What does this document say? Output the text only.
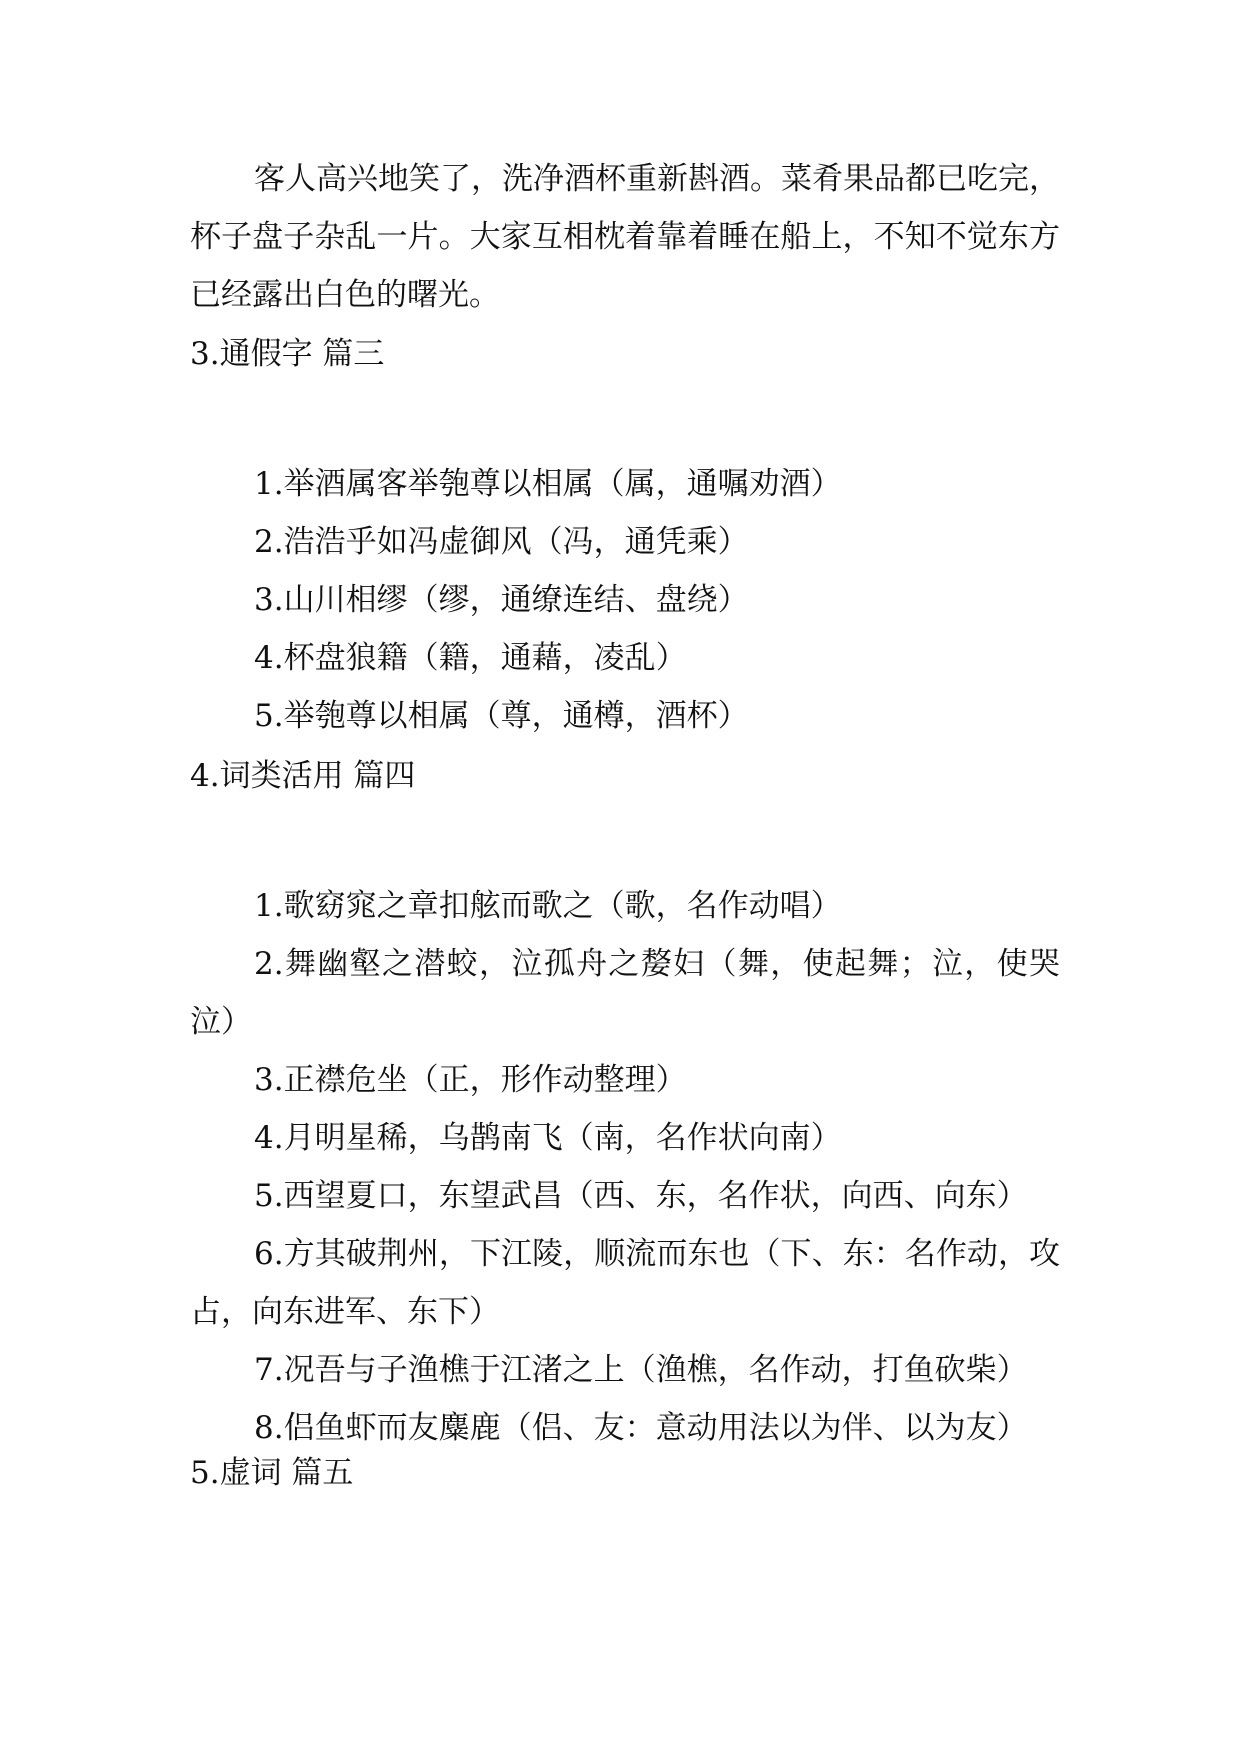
客人高兴地笑了，洗净酒杯重新斟酒。菜肴果品都已吃完，杯子盘子杂乱一片。大家互相枕着靠着睡在船上，不知不觉东方已经露出白色的曙光。
3.通假字 篇三
1.举酒属客举匏尊以相属（属，通嘱劝酒）
2.浩浩乎如冯虚御风（冯，通凭乘）
3.山川相缪（缪，通缭连结、盘绕）
4.杯盘狼籍（籍，通藉，凌乱）
5.举匏尊以相属（尊，通樽，酒杯）
4.词类活用 篇四
1.歌窈窕之章扣舷而歌之（歌，名作动唱）
2.舞幽壑之潜蛟，泣孤舟之嫠妇（舞，使起舞；泣，使哭泣）
3.正襟危坐（正，形作动整理）
4.月明星稀，乌鹊南飞（南，名作状向南）
5.西望夏口，东望武昌（西、东，名作状，向西、向东）
6.方其破荆州，下江陵，顺流而东也（下、东：名作动，攻占，向东进军、东下）
7.况吾与子渔樵于江渚之上（渔樵，名作动，打鱼砍柴）
8.侣鱼虾而友麋鹿（侣、友：意动用法以为伴、以为友）
5.虚词 篇五
